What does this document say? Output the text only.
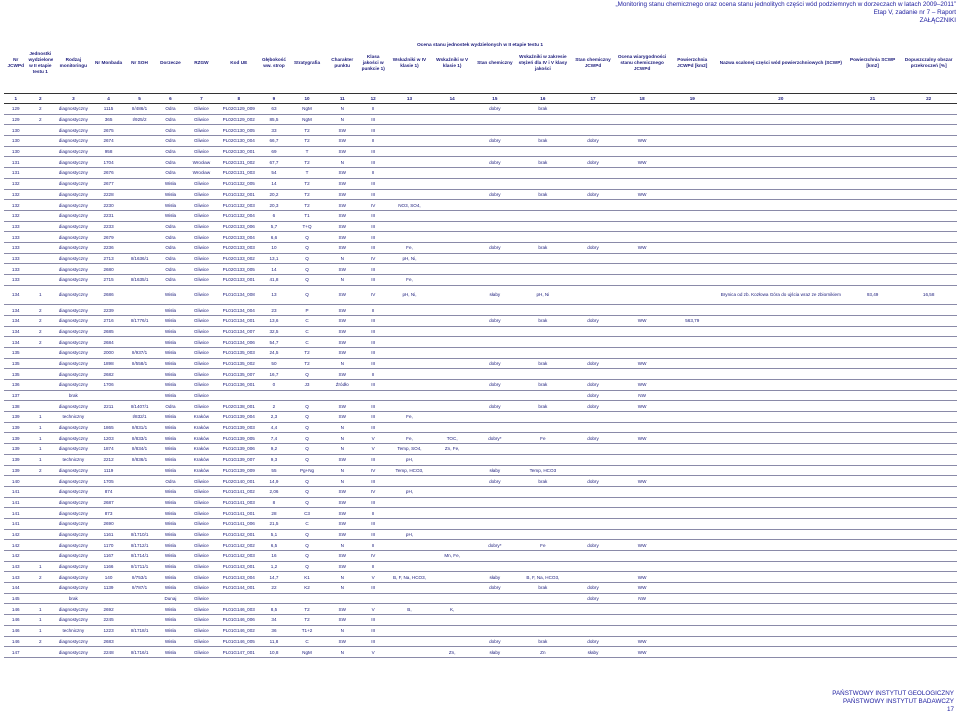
„Monitoring stanu chemicznego oraz ocena stanu jednolitych części wód podziemnych w dorzeczach w latach 2009–2011”
Etap V, zadanie nr 7 – Raport
ZAŁĄCZNIKI
Nr JCWPd	Jednostki wydzielone w II etapie testu 1	Rodzaj monitoringu	Nr Monbada	Nr SOH	Dorzecze	RZGW	Kod UE	Głębokość ww. strop	Stratygrafia	Charakter punktu	Klasa jakości w punkcie 1)	Wskaźniki w IV klasie 1)	Wskaźniki w V klasie 1)	Stan chemiczny	Wskaźniki w zakresie stężeń dla IV i V klasy jakości	Stan chemiczny JCWPd	Ocena wiarygodności stanu chemicznego JCWPd	Powierzchnia JCWPd [km2]	Nazwa scalonej części wód powierzchniowych (SCWP)	Powierzchnia SCWP [km2]	Dopuszczalny obszar przekroczeń [%]
1	2	3	4	5	6	7	8	9	10	11	12	13	14	15	16	17	18	19	20	21	22
129	2	diagnostyczny	1115	II/486/1	Odra	Gliwice	PL02G129_009	63	NgM	N	II			dobry	brak						
129	2	diagnostyczny	365	I/925/2	Odra	Gliwice	PL02G129_002	85,5	NgM	N	III										
130		diagnostyczny	2675		Odra	Gliwice	PL02G130_005	33	T2	SW	III										
130		diagnostyczny	2674		Odra	Gliwice	PL02G130_004	66,7	T2	SW	II			dobry	brak	dobry	WW				
130		diagnostyczny	958		Odra	Gliwice	PL02G130_001	69	T	SW	III										
131		diagnostyczny	1704		Odra	Wrocław	PL02G131_002	67,7	T2	N	III			dobry	brak	dobry	WW				
131		diagnostyczny	2676		Odra	Wrocław	PL02G131_003	54	T	SW	II										
132		diagnostyczny	2677		Wisła	Gliwice	PL01G132_005	14	T2	SW	III										
132		diagnostyczny	2228		Wisła	Gliwice	PL01G132_001	20,2	T2	SW	III			dobry	brak	dobry	WW				
132		diagnostyczny	2230		Wisła	Gliwice	PL01G132_003	20,3	T2	SW	IV	NO3, SO4,									
132		diagnostyczny	2231		Wisła	Gliwice	PL01G132_004	6	T1	SW	III										
133		diagnostyczny	2233		Odra	Gliwice	PL02G133_006	5,7	T+Q	SW	III										
133		diagnostyczny	2679		Odra	Gliwice	PL02G133_004	6,6	Q	SW	III										
133		diagnostyczny	2236		Odra	Gliwice	PL02G133_003	10	Q	SW	III	Fe,		dobry	brak	dobry	WW				
133		diagnostyczny	2713	II/1636/1	Odra	Gliwice	PL02G133_002	13,1	Q	N	IV	pH, Ni,									
133		diagnostyczny	2680		Odra	Gliwice	PL02G133_005	14	Q	SW	III										
133		diagnostyczny	2715	II/1635/1	Odra	Gliwice	PL02G133_001	41,8	Q	N	III	Fe,									
134	1	diagnostyczny	2686		Wisła	Gliwice	PL01G134_008	13	Q	SW	IV	pH, Ni,		słaby	pH, Ni				Brynica od zb. Kozłowa Góra do ujścia wraz ze zbiornikiem	93,49	16,58
134	2	diagnostyczny	2239		Wisła	Gliwice	PL01G134_004	23	P	SW	II										
134	2	diagnostyczny	2716	II/1776/1	Wisła	Gliwice	PL01G134_001	13,6	C	SW	III			dobry	brak	dobry	WW	563,79			
134	2	diagnostyczny	2685		Wisła	Gliwice	PL01G134_007	32,5	C	SW	III										
134	2	diagnostyczny	2684		Wisła	Gliwice	PL01G134_006	54,7	C	SW	III										
135		diagnostyczny	2000	II/937/1	Wisła	Gliwice	PL01G135_003	24,5	T2	SW	III										
135		diagnostyczny	1898	II/558/1	Wisła	Gliwice	PL01G135_002	50	T2	N	III			dobry	brak	dobry	WW				
135		diagnostyczny	2682		Wisła	Gliwice	PL01G135_007	16,7	Q	SW	II										
136		diagnostyczny	1706		Wisła	Gliwice	PL01G136_001	0	J3	Źródło	III			dobry	brak	dobry	WW				
137		brak			Wisła	Gliwice										dobry	NW				
138		diagnostyczny	2211	II/1407/1	Odra	Gliwice	PL02G138_001	2	Q	SW	III			dobry	brak	dobry	WW				
139	1	techniczny		I/832/1	Wisła	Kraków	PL01G139_004	2,3	Q	SW	III	Fe,									
139	1	diagnostyczny	1865	II/831/1	Wisła	Kraków	PL01G139_003	4,4	Q	N	III										
139	1	diagnostyczny	1203	II/833/1	Wisła	Kraków	PL01G139_005	7,4	Q	N	V	Fe,	TOC,	dobry*	Fe	dobry	WW				
139	1	diagnostyczny	1874	II/834/1	Wisła	Kraków	PL01G139_006	9,2	Q	N	V	Temp, SO4,	Zn, Fe,								
139	1	techniczny	2212	II/836/1	Wisła	Kraków	PL01G139_007	9,3	Q	SW	III	pH,									
139	2	diagnostyczny	1119		Wisła	Kraków	PL01G139_009	55	Pg+Ng	N	IV	Temp, HCO3,		słaby	Temp, HCO3						
140		diagnostyczny	1705		Odra	Gliwice	PL02G140_001	14,9	Q	N	III			dobry	brak	dobry	WW				
141		diagnostyczny	874		Wisła	Gliwice	PL01G141_002	2,06	Q	SW	IV	pH,									
141		diagnostyczny	2687		Wisła	Gliwice	PL01G141_003	8	Q	SW	III										
141		diagnostyczny	873		Wisła	Gliwice	PL01G141_001	28	C3	SW	II										
141		diagnostyczny	2690		Wisła	Gliwice	PL01G141_006	21,5	C	SW	III										
142		diagnostyczny	1161	II/1710/1	Wisła	Gliwice	PL01G142_001	5,1	Q	SW	III	pH,									
142		diagnostyczny	1170	II/1712/1	Wisła	Gliwice	PL01G142_002	6,5	Q	N	II			dobry*	Fe	dobry	WW				
142		diagnostyczny	1167	II/1714/1	Wisła	Gliwice	PL01G142_003	16	Q	SW	IV		Mn, Fe,								
143	1	diagnostyczny	1166	II/1711/1	Wisła	Gliwice	PL01G143_001	1,2	Q	SW	II										
143	2	diagnostyczny	140	II/753/1	Wisła	Gliwice	PL01G143_004	14,7	K1	N	V	B, F, Na, HCO3,		słaby	B, F, Na, HCO3,		WW				
144		diagnostyczny	1139	II/787/1	Wisła	Gliwice	PL01G144_001	22	K2	N	III			dobry	brak	dobry	WW				
145		brak			Dunaj	Gliwice										dobry	NW				
146	1	diagnostyczny	2692		Wisła	Gliwice	PL01G146_003	8,5	T2	SW	V	B,	K,								
146	1	diagnostyczny	2245		Wisła	Gliwice	PL01G146_006	34	T2	SW	III										
146	1	techniczny	1223	II/1718/1	Wisła	Gliwice	PL01G146_002	36	T1+2	N	III										
146	2	diagnostyczny	2683		Wisła	Gliwice	PL01G146_005	11,8	C	SW	III			dobry	brak	dobry	WW				
147		diagnostyczny	2248	II/1716/1	Wisła	Gliwice	PL01G147_001	10,8	NgM	N	V		Zn,	słaby	Zn	słaby	WW				
PAŃSTWOWY INSTYTUT GEOLOGICZNY
PAŃSTWOWY INSTYTUT BADAWCZY
17
Ocena stanu jednostek wydzielonych w II etapie testu 1
